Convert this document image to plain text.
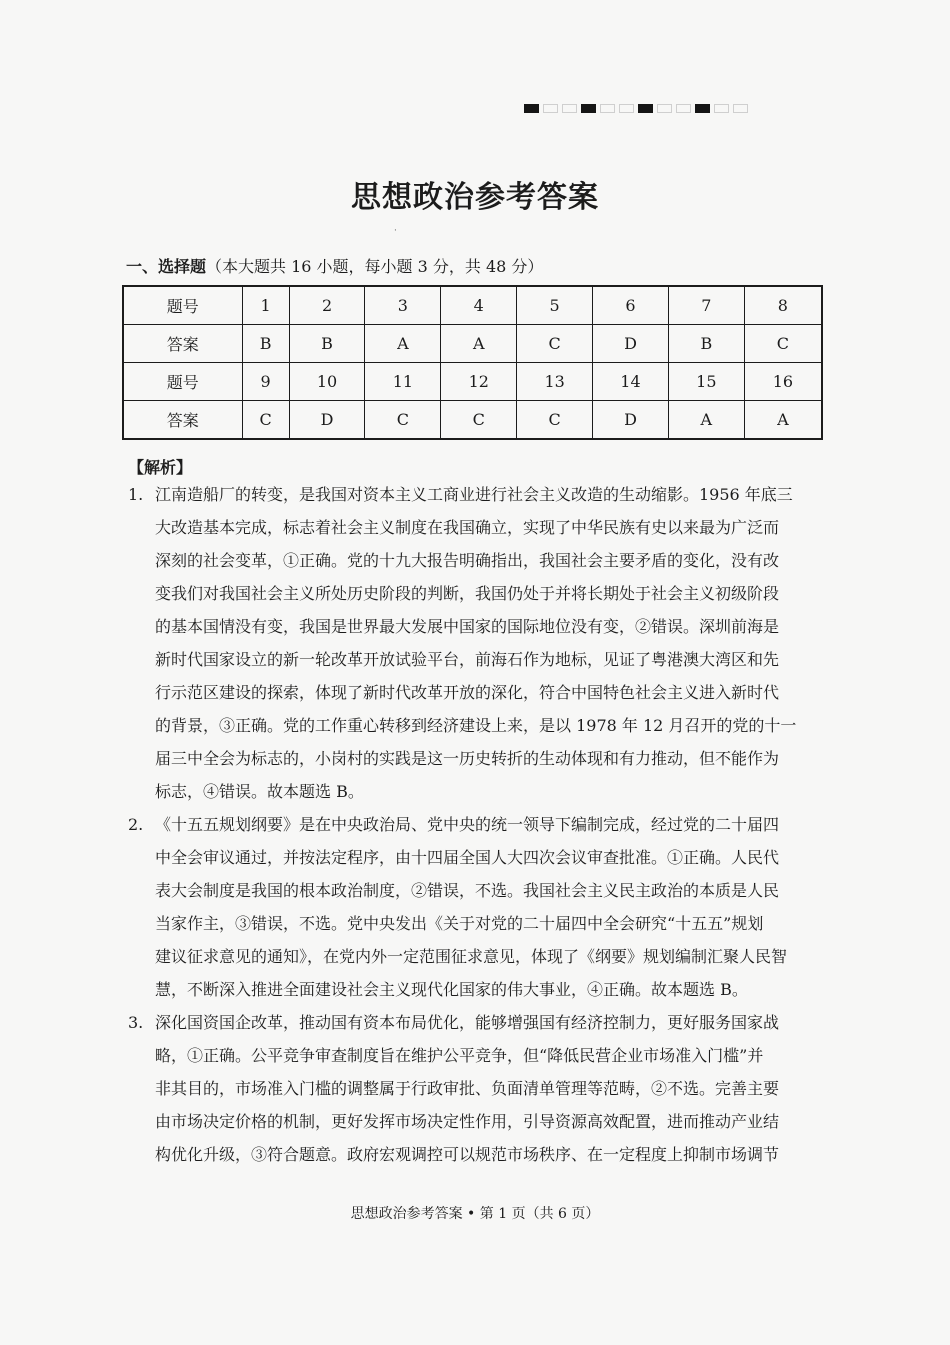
思想政治参考答案
·
一、选择题（本大题共 16 小题，每小题 3 分，共 48 分）
题号	1	2	3	4	5	6	7	8
答案	B	B	A	A	C	D	B	C
题号	9	10	11	12	13	14	15	16
答案	C	D	C	C	C	D	A	A
【解析】
1. 江南造船厂的转变，是我国对资本主义工商业进行社会主义改造的生动缩影。1956 年底三
大改造基本完成，标志着社会主义制度在我国确立，实现了中华民族有史以来最为广泛而
深刻的社会变革，①正确。党的十九大报告明确指出，我国社会主要矛盾的变化，没有改
变我们对我国社会主义所处历史阶段的判断，我国仍处于并将长期处于社会主义初级阶段
的基本国情没有变，我国是世界最大发展中国家的国际地位没有变，②错误。深圳前海是
新时代国家设立的新一轮改革开放试验平台，前海石作为地标，见证了粤港澳大湾区和先
行示范区建设的探索，体现了新时代改革开放的深化，符合中国特色社会主义进入新时代
的背景，③正确。党的工作重心转移到经济建设上来，是以 1978 年 12 月召开的党的十一
届三中全会为标志的，小岗村的实践是这一历史转折的生动体现和有力推动，但不能作为
标志，④错误。故本题选 B。
2. 《十五五规划纲要》是在中央政治局、党中央的统一领导下编制完成，经过党的二十届四
中全会审议通过，并按法定程序，由十四届全国人大四次会议审查批准。①正确。人民代
表大会制度是我国的根本政治制度，②错误，不选。我国社会主义民主政治的本质是人民
当家作主，③错误，不选。党中央发出《关于对党的二十届四中全会研究“十五五”规划
建议征求意见的通知》，在党内外一定范围征求意见，体现了《纲要》规划编制汇聚人民智
慧，不断深入推进全面建设社会主义现代化国家的伟大事业，④正确。故本题选 B。
3. 深化国资国企改革，推动国有资本布局优化，能够增强国有经济控制力，更好服务国家战
略，①正确。公平竞争审查制度旨在维护公平竞争，但“降低民营企业市场准入门槛”并
非其目的，市场准入门槛的调整属于行政审批、负面清单管理等范畴，②不选。完善主要
由市场决定价格的机制，更好发挥市场决定性作用，引导资源高效配置，进而推动产业结
构优化升级，③符合题意。政府宏观调控可以规范市场秩序、在一定程度上抑制市场调节
思想政治参考答案 • 第 1 页（共 6 页）
